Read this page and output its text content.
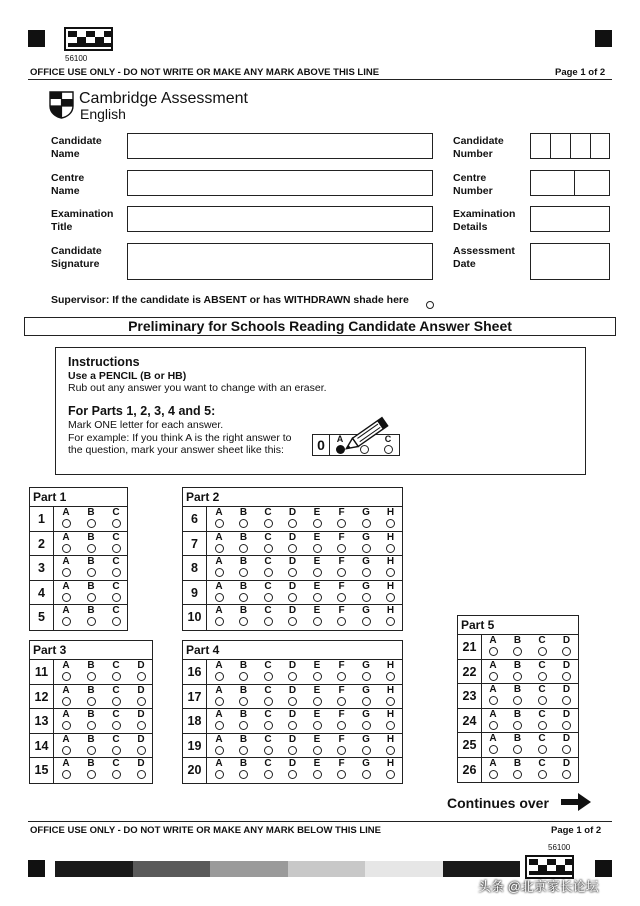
56100
OFFICE USE ONLY - DO NOT WRITE OR MAKE ANY MARK ABOVE THIS LINE	Page 1 of 2
Cambridge Assessment
English
Candidate
Name
Centre
Name
Examination
Title
Candidate
Signature
Candidate
Number
Centre
Number
Examination
Details
Assessment
Date
Supervisor: If the candidate is ABSENT or has WITHDRAWN shade here
Preliminary for Schools Reading Candidate Answer Sheet
Instructions
Use a PENCIL (B or HB)
Rub out any answer you want to change with an eraser.
For Parts 1, 2, 3, 4 and 5:
Mark ONE letter for each answer.
For example: If you think A is the right answer to
the question, mark your answer sheet like this: 0	A	C
Part 1
1	A B C
2	A B C
3	A B C
4	A B C
5	A B C
Part 2
6	A B C D E F G H
7	A B C D E F G H
8	A B C D E F G H
9	A B C D E F G H
10	A B C D E F G H
Part 3
11	A B C D
12	A B C D
13	A B C D
14	A B C D
15	A B C D
Part 4
16	A B C D E F G H
17	A B C D E F G H
18	A B C D E F G H
19	A B C D E F G H
20	A B C D E F G H
Part 5
21	A B C D
22	A B C D
23	A B C D
24	A B C D
25	A B C D
26	A B C D
Continues over
OFFICE USE ONLY - DO NOT WRITE OR MAKE ANY MARK BELOW THIS LINE	Page 1 of 2
56100
头条 @北京家长论坛
